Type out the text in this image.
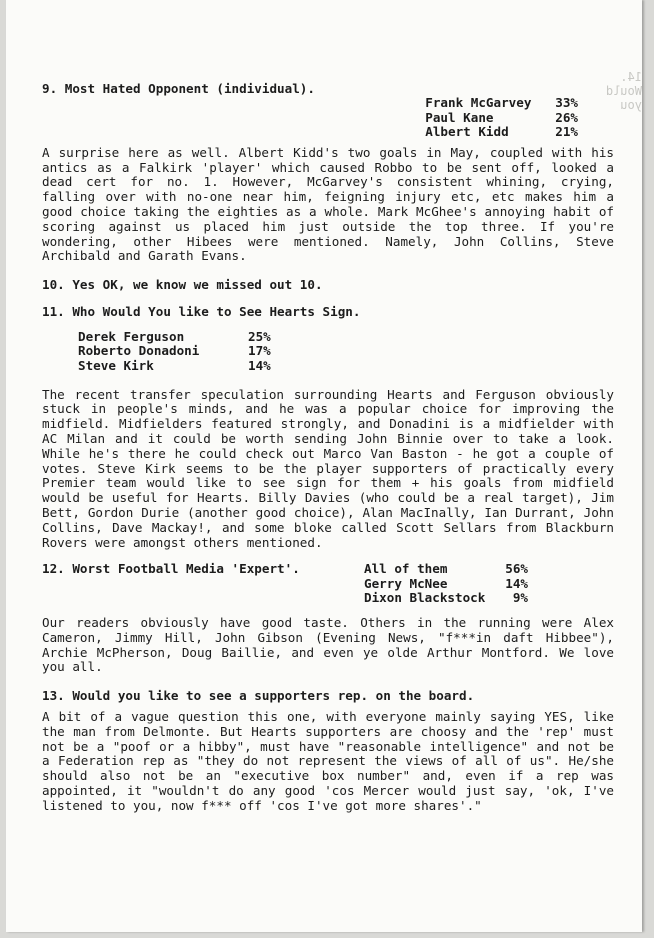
14. Would you

9. Most Hated Opponent (individual).

Frank McGarvey	33%
Paul Kane	26%
Albert Kidd	21%

A surprise here as well. Albert Kidd's two goals in May, coupled with his antics as a Falkirk 'player' which caused Robbo to be sent off, looked a dead cert for no. 1. However, McGarvey's consistent whining, crying, falling over with no-one near him, feigning injury etc, etc makes him a good choice taking the eighties as a whole. Mark McGhee's annoying habit of scoring against us placed him just outside the top three. If you're wondering, other Hibees were mentioned. Namely, John Collins, Steve Archibald and Garath Evans.

10. Yes OK, we know we missed out 10.

11. Who Would You like to See Hearts Sign.

Derek Ferguson	25%
Roberto Donadoni	17%
Steve Kirk	14%

The recent transfer speculation surrounding Hearts and Ferguson obviously stuck in people's minds, and he was a popular choice for improving the midfield. Midfielders featured strongly, and Donadini is a midfielder with AC Milan and it could be worth sending John Binnie over to take a look. While he's there he could check out Marco Van Baston - he got a couple of votes. Steve Kirk seems to be the player supporters of practically every Premier team would like to see sign for them + his goals from midfield would be useful for Hearts. Billy Davies (who could be a real target), Jim Bett, Gordon Durie (another good choice), Alan MacInally, Ian Durrant, John Collins, Dave Mackay!, and some bloke called Scott Sellars from Blackburn Rovers were amongst others mentioned.

12. Worst Football Media 'Expert'.	All of them	56%
Gerry McNee	14%
Dixon Blackstock	9%

Our readers obviously have good taste. Others in the running were Alex Cameron, Jimmy Hill, John Gibson (Evening News, "f***in daft Hibbee"), Archie McPherson, Doug Baillie, and even ye olde Arthur Montford. We love you all.

13. Would you like to see a supporters rep. on the board.

A bit of a vague question this one, with everyone mainly saying YES, like the man from Delmonte. But Hearts supporters are choosy and the 'rep' must not be a "poof or a hibby", must have "reasonable intelligence" and not be a Federation rep as "they do not represent the views of all of us". He/she should also not be an "executive box number" and, even if a rep was appointed, it "wouldn't do any good 'cos Mercer would just say, 'ok, I've listened to you, now f*** off 'cos I've got more shares'."
